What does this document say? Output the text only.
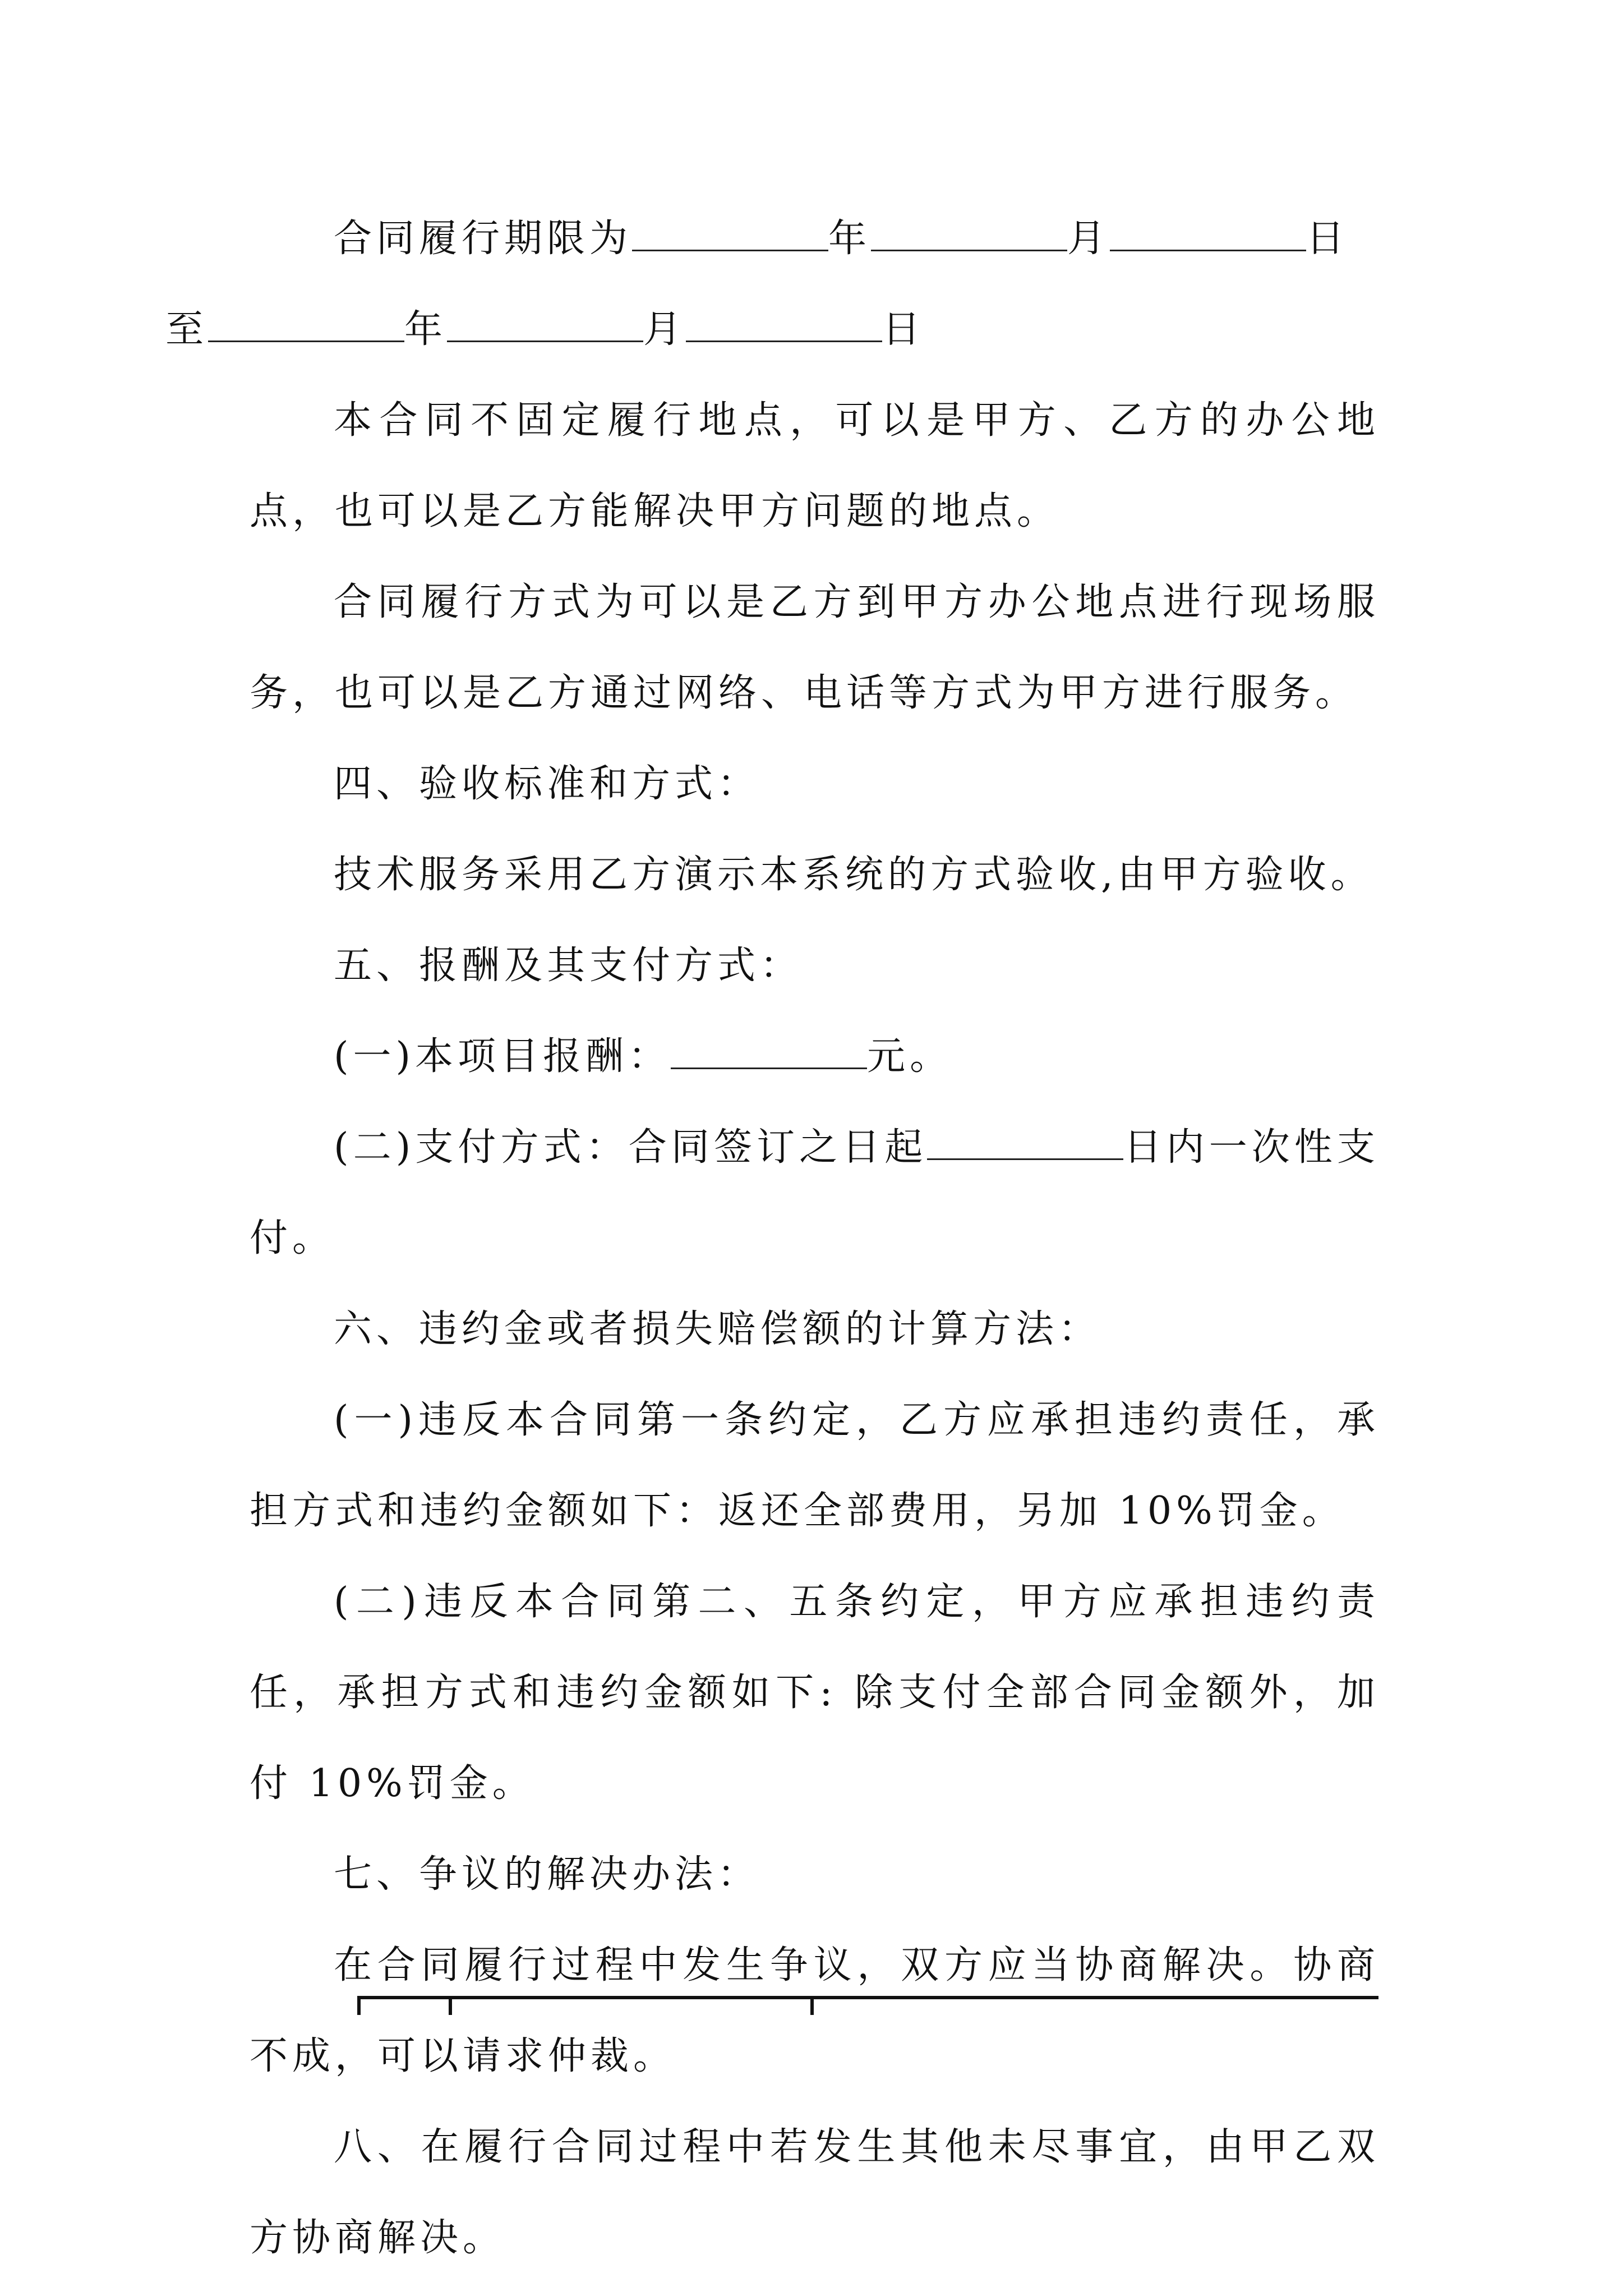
合同履行期限为	年	月	日
至	年	月	日

本合同不固定履行地点，可以是甲方、乙方的办公地点，也可以是乙方能解决甲方问题的地点。

合同履行方式为可以是乙方到甲方办公地点进行现场服务，也可以是乙方通过网络、电话等方式为甲方进行服务。

四、验收标准和方式：

技术服务采用乙方演示本系统的方式验收,由甲方验收。

五、报酬及其支付方式：

(一)本项目报酬：	元。

(二)支付方式：合同签订之日起	日内一次性支付。

六、违约金或者损失赔偿额的计算方法：

(一)违反本合同第一条约定，乙方应承担违约责任，承担方式和违约金额如下：返还全部费用，另加 10%罚金。

(二)违反本合同第二、五条约定，甲方应承担违约责任，承担方式和违约金额如下: 除支付全部合同金额外，加付 10%罚金。

七、争议的解决办法：

在合同履行过程中发生争议，双方应当协商解决。协商不成，可以请求仲裁。

八、在履行合同过程中若发生其他未尽事宜，由甲乙双方协商解决。
